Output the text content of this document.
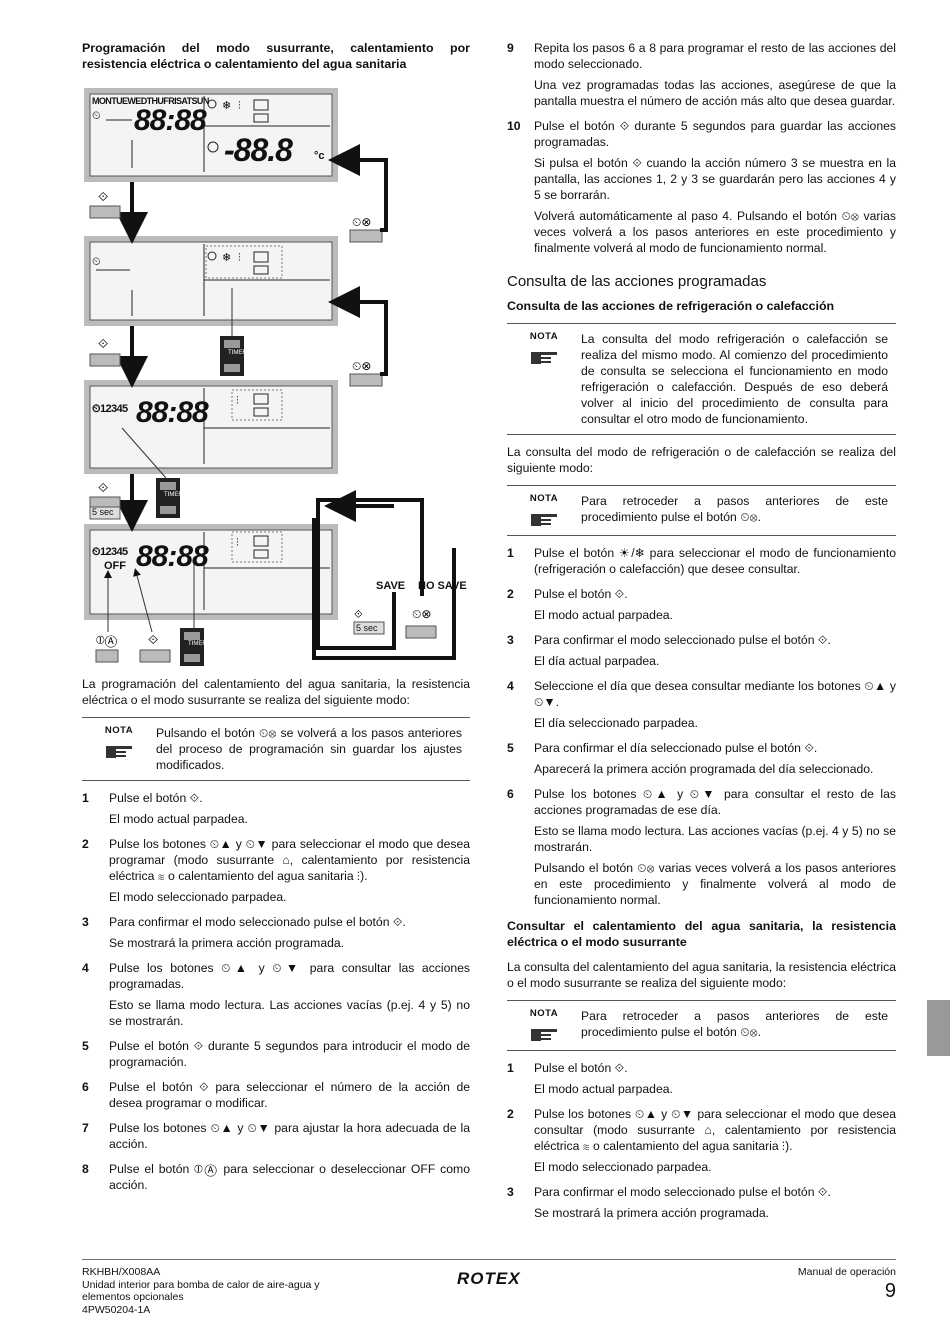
Programación del modo susurrante, calentamiento por resistencia eléctrica o calentamiento del agua sanitaria
❄ ⫶
❄ ⫶
⫶
⫶
⟐
⟐
⟐
⏲⊗
⏲⊗
⦶Ⓐ ⟐
⟐	⏲⊗
MONTUEWEDTHUFRISATSUN
88:88
-88.8 °c
⏲
⏲
⏲12345 88:88
⏲12345
OFF 88:88
TIMER
TIMER
TIMER
5 sec
5 sec
SAVE NO SAVE

La programación del calentamiento del agua sanitaria, la resistencia eléctrica o el modo susurrante se realiza del siguiente modo:

NOTA Pulsando el botón ⏲⊗ se volverá a los pasos anteriores del proceso de programación sin guardar los ajustes modificados.

1	Pulse el botón ⟐.

El modo actual parpadea.

2	Pulse los botones ⏲▲ y ⏲▼ para seleccionar el modo que desea programar (modo susurrante ⌂, calentamiento por resistencia eléctrica ≋ o calentamiento del agua sanitaria ⫶).

El modo seleccionado parpadea.

3	Para confirmar el modo seleccionado pulse el botón ⟐.

Se mostrará la primera acción programada.

4	Pulse los botones ⏲▲ y ⏲▼ para consultar las acciones programadas.

Esto se llama modo lectura. Las acciones vacías (p.ej. 4 y 5) no se mostrarán.

5	Pulse el botón ⟐ durante 5 segundos para introducir el modo de programación.

6	Pulse el botón ⟐ para seleccionar el número de la acción de desea programar o modificar.

7	Pulse los botones ⏲▲ y ⏲▼ para ajustar la hora adecuada de la acción.

8	Pulse el botón ⦶Ⓐ para seleccionar o deseleccionar OFF como acción.

9	Repita los pasos 6 a 8 para programar el resto de las acciones del modo seleccionado.

Una vez programadas todas las acciones, asegúrese de que la pantalla muestra el número de acción más alto que desea guardar.

10	Pulse el botón ⟐ durante 5 segundos para guardar las acciones programadas.

Si pulsa el botón ⟐ cuando la acción número 3 se muestra en la pantalla, las acciones 1, 2 y 3 se guardarán pero las acciones 4 y 5 se borrarán.

Volverá automáticamente al paso 4. Pulsando el botón ⏲⊗ varias veces volverá a los pasos anteriores en este procedimiento y finalmente volverá al modo de funcionamiento normal.

Consulta de las acciones programadas
Consulta de las acciones de refrigeración o calefacción
NOTA La consulta del modo refrigeración o calefacción se realiza del mismo modo. Al comienzo del procedimiento de consulta se selecciona el funcionamiento en modo refrigeración o calefacción. Después de eso deberá volver al inicio del procedimiento de consulta para consultar el otro modo de funcionamiento.

La consulta del modo de refrigeración o de calefacción se realiza del siguiente modo:

NOTA Para retroceder a pasos anteriores de este procedimiento pulse el botón ⏲⊗.

1	Pulse el botón ☀/❄ para seleccionar el modo de funcionamiento (refrigeración o calefacción) que desee consultar.

2	Pulse el botón ⟐.

El modo actual parpadea.

3	Para confirmar el modo seleccionado pulse el botón ⟐.

El día actual parpadea.

4	Seleccione el día que desea consultar mediante los botones ⏲▲ y ⏲▼.

El día seleccionado parpadea.

5	Para confirmar el día seleccionado pulse el botón ⟐.

Aparecerá la primera acción programada del día seleccionado.

6	Pulse los botones ⏲▲ y ⏲▼ para consultar el resto de las acciones programadas de ese día.

Esto se llama modo lectura. Las acciones vacías (p.ej. 4 y 5) no se mostrarán.

Pulsando el botón ⏲⊗ varias veces volverá a los pasos anteriores en este procedimiento y finalmente volverá al modo de funcionamiento normal.

Consultar el calentamiento del agua sanitaria, la resistencia eléctrica o el modo susurrante

La consulta del calentamiento del agua sanitaria, la resistencia eléctrica o el modo susurrante se realiza del siguiente modo:

NOTA Para retroceder a pasos anteriores de este procedimiento pulse el botón ⏲⊗.

1	Pulse el botón ⟐.

El modo actual parpadea.

2	Pulse los botones ⏲▲ y ⏲▼ para seleccionar el modo que desea consultar (modo susurrante ⌂, calentamiento por resistencia eléctrica ≋ o calentamiento del agua sanitaria ⫶).

El modo seleccionado parpadea.

3	Para confirmar el modo seleccionado pulse el botón ⟐.

Se mostrará la primera acción programada.

RKHBH/X008AA
Unidad interior para bomba de calor de aire-agua y
elementos opcionales
4PW50204-1A
ROTEX	Manual de operación
9
